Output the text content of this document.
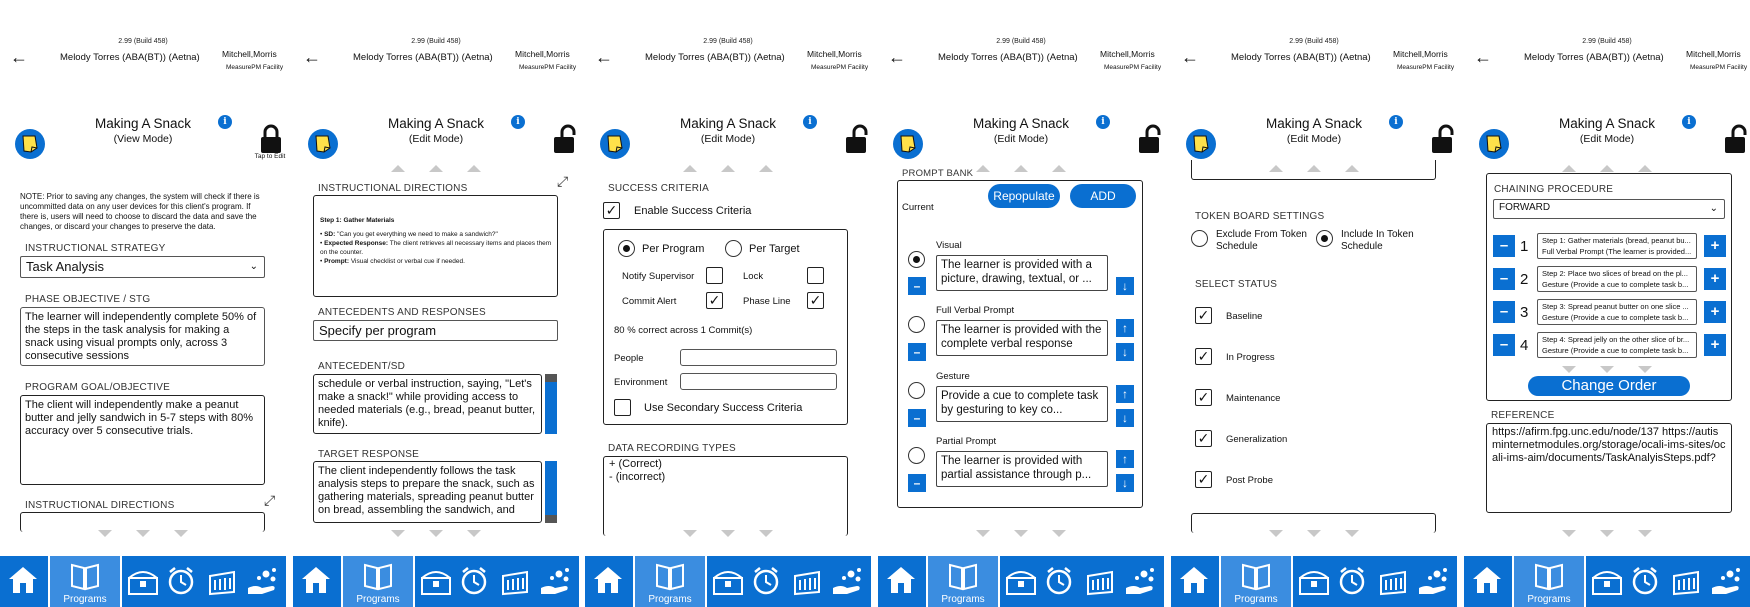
2.99 (Build 458)
←	Melody Torres (ABA(BT)) (Aetna)	Mitchell,Morris
MeasurePM Facility
Making A Snack
(View Mode)
i
Tap to Edit
NOTE: Prior to saving any changes, the system will check if there is uncommitted data on any user devices for this client's program. If there is, users will need to choose to discard the data and save the changes, or discard your changes to preserve the data.
INSTRUCTIONAL STRATEGY
Task Analysis	⌄
PHASE OBJECTIVE / STG
The learner will independently complete 50% of the steps in the task analysis for making a snack using visual prompts only, across 3 consecutive sessions
PROGRAM GOAL/OBJECTIVE
The client will independently make a peanut butter and jelly sandwich in 5-7 steps with 80% accuracy over 5 consecutive trials.
INSTRUCTIONAL DIRECTIONS	⤢
Programs
2.99 (Build 458)
←	Melody Torres (ABA(BT)) (Aetna)	Mitchell,Morris
MeasurePM Facility
Making A Snack
(Edit Mode)
i
INSTRUCTIONAL DIRECTIONS	⤢
Step 1: Gather Materials
• SD: "Can you get everything we need to make a sandwich?"
• Expected Response: The client retrieves all necessary items and places them on the counter.
• Prompt: Visual checklist or verbal cue if needed.
ANTECEDENTS AND RESPONSES
Specify per program
ANTECEDENT/SD
schedule or verbal instruction, saying, "Let's make a snack!" while providing access to needed materials (e.g., bread, peanut butter, knife).
TARGET RESPONSE
The client independently follows the task analysis steps to prepare the snack, such as gathering materials, spreading peanut butter on bread, assembling the sandwich, and
Programs
2.99 (Build 458)
←	Melody Torres (ABA(BT)) (Aetna)	Mitchell,Morris
MeasurePM Facility
Making A Snack
(Edit Mode)
i
SUCCESS CRITERIA
✓ Enable Success Criteria
Per Program	Per Target
Notify Supervisor	Lock
Commit Alert ✓ Phase Line ✓
80 % correct across 1 Commit(s)
People
Environment
Use Secondary Success Criteria
DATA RECORDING TYPES
+ (Correct)
- (incorrect)
Programs
2.99 (Build 458)
←	Melody Torres (ABA(BT)) (Aetna)	Mitchell,Morris
MeasurePM Facility
Making A Snack
(Edit Mode)
i
PROMPT BANK
Current
Repopulate	ADD
Visual
–
The learner is provided with a picture, drawing, textual, or ...	↓
Full Verbal Prompt
–
The learner is provided with the complete verbal response
↑
↓
Gesture
–
Provide a cue to complete task by gesturing to key co...
↑
↓
Partial Prompt
–
The learner is provided with partial assistance through p...
↑
↓
Programs
2.99 (Build 458)
←	Melody Torres (ABA(BT)) (Aetna)	Mitchell,Morris
MeasurePM Facility
Making A Snack
(Edit Mode)
i
TOKEN BOARD SETTINGS
Exclude From Token Schedule
Include In Token Schedule
SELECT STATUS
✓ Baseline
✓ In Progress
✓ Maintenance
✓ Generalization
✓ Post Probe
Programs
2.99 (Build 458)
←	Melody Torres (ABA(BT)) (Aetna)	Mitchell,Morris
MeasurePM Facility
Making A Snack
(Edit Mode)
i
CHAINING PROCEDURE
FORWARD	⌄
– 1 Step 1: Gather materials (bread, peanut bu...
Full Verbal Prompt (The learner is provided...	+
– 2 Step 2: Place two slices of bread on the pl...
Gesture (Provide a cue to complete task b...	+
– 3 Step 3: Spread peanut butter on one slice ...
Gesture (Provide a cue to complete task b...	+
– 4 Step 4: Spread jelly on the other slice of br...
Gesture (Provide a cue to complete task b...	+
Change Order
REFERENCE
https://afirm.fpg.unc.edu/node/137 https://autisminternetmodules.org/storage/ocali-ims-sites/ocali-ims-aim/documents/TaskAnalyisSteps.pdf?
Programs
